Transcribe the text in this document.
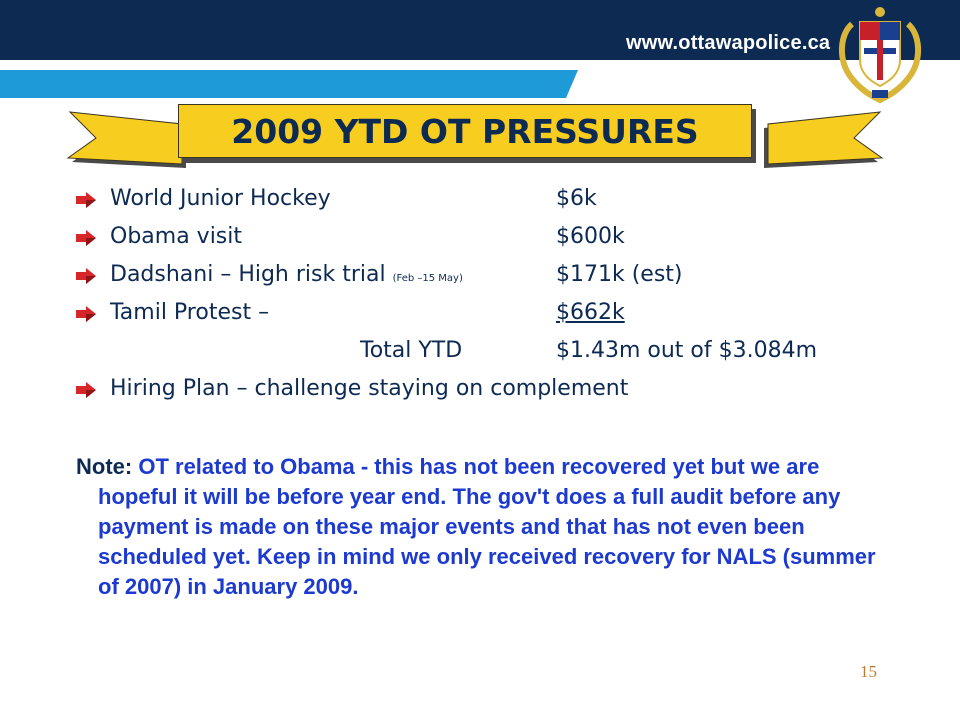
www.ottawapolice.ca
2009 YTD OT PRESSURES
World Junior Hockey	$6k
Obama visit	$600k
Dadshani – High risk trial (Feb –15 May)	$171k (est)
Tamil Protest –	$662k
Total YTD	$1.43m out of $3.084m
Hiring Plan – challenge staying on complement
Note: OT related to Obama - this has not been recovered yet but we are hopeful it will be before year end. The gov't does a full audit before any payment is made on these major events and that has not even been scheduled yet. Keep in mind we only received recovery for NALS (summer of 2007) in January 2009.
15
